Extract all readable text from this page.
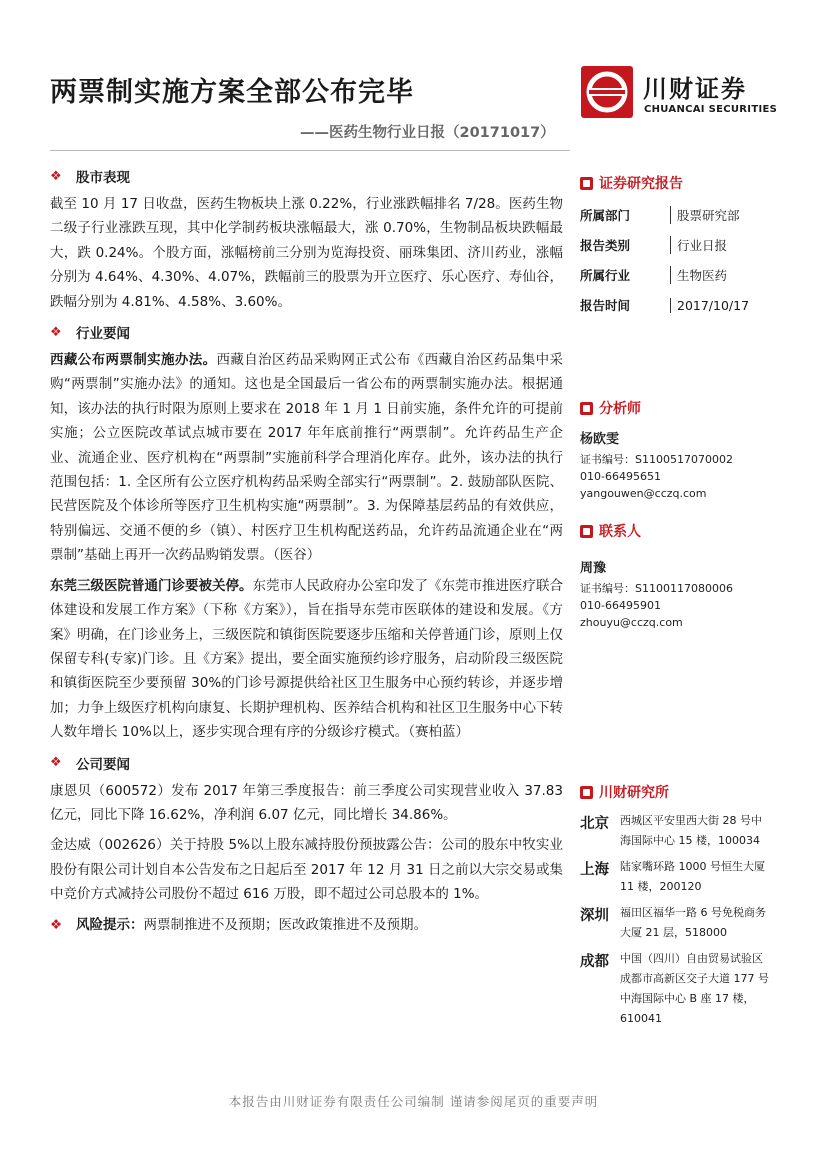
两票制实施方案全部公布完毕
——医药生物行业日报（20171017）
川财证券
CHUANCAI SECURITIES
❖	股市表现

截至 10 月 17 日收盘，医药生物板块上涨 0.22%，行业涨跌幅排名 7/28。医药生物二级子行业涨跌互现，其中化学制药板块涨幅最大，涨 0.70%，生物制品板块跌幅最大，跌 0.24%。个股方面，涨幅榜前三分别为览海投资、丽珠集团、济川药业，涨幅分别为 4.64%、4.30%、4.07%，跌幅前三的股票为开立医疗、乐心医疗、寿仙谷，跌幅分别为 4.81%、4.58%、3.60%。

❖	行业要闻

西藏公布两票制实施办法。西藏自治区药品采购网正式公布《西藏自治区药品集中采购“两票制”实施办法》的通知。这也是全国最后一省公布的两票制实施办法。根据通知，该办法的执行时限为原则上要求在 2018 年 1 月 1 日前实施，条件允许的可提前实施；公立医院改革试点城市要在 2017 年年底前推行“两票制”。允许药品生产企业、流通企业、医疗机构在“两票制”实施前科学合理消化库存。此外，该办法的执行范围包括：1. 全区所有公立医疗机构药品采购全部实行“两票制”。2. 鼓励部队医院、民营医院及个体诊所等医疗卫生机构实施“两票制”。3. 为保障基层药品的有效供应，特别偏远、交通不便的乡（镇）、村医疗卫生机构配送药品，允许药品流通企业在“两票制”基础上再开一次药品购销发票。（医谷）

东莞三级医院普通门诊要被关停。东莞市人民政府办公室印发了《东莞市推进医疗联合体建设和发展工作方案》（下称《方案》），旨在指导东莞市医联体的建设和发展。《方案》明确，在门诊业务上，三级医院和镇街医院要逐步压缩和关停普通门诊，原则上仅保留专科(专家)门诊。且《方案》提出，要全面实施预约诊疗服务，启动阶段三级医院和镇街医院至少要预留 30%的门诊号源提供给社区卫生服务中心预约转诊，并逐步增加；力争上级医疗机构向康复、长期护理机构、医养结合机构和社区卫生服务中心下转人数年增长 10%以上，逐步实现合理有序的分级诊疗模式。（赛柏蓝）

❖	公司要闻

康恩贝（600572）发布 2017 年第三季度报告：前三季度公司实现营业收入 37.83 亿元，同比下降 16.62%，净利润 6.07 亿元，同比增长 34.86%。

金达威（002626）关于持股 5%以上股东减持股份预披露公告：公司的股东中牧实业股份有限公司计划自本公告发布之日起后至 2017 年 12 月 31 日之前以大宗交易或集中竞价方式减持公司股份不超过 616 万股，即不超过公司总股本的 1%。

❖	风险提示：两票制推进不及预期；医改政策推进不及预期。
证券研究报告
所属部门	股票研究部
报告类别	行业日报
所属行业	生物医药
报告时间	2017/10/17
分析师
杨欧雯
证书编号：S1100517070002
010-66495651
yangouwen@cczq.com
联系人
周豫
证书编号：S1100117080006
010-66495901
zhouyu@cczq.com
川财研究所
北京	西城区平安里西大街 28 号中海国际中心 15 楼，100034
上海	陆家嘴环路 1000 号恒生大厦 11 楼，200120
深圳	福田区福华一路 6 号免税商务大厦 21 层，518000
成都	中国（四川）自由贸易试验区成都市高新区交子大道 177 号中海国际中心 B 座 17 楼，610041
本报告由川财证券有限责任公司编制 谨请参阅尾页的重要声明
